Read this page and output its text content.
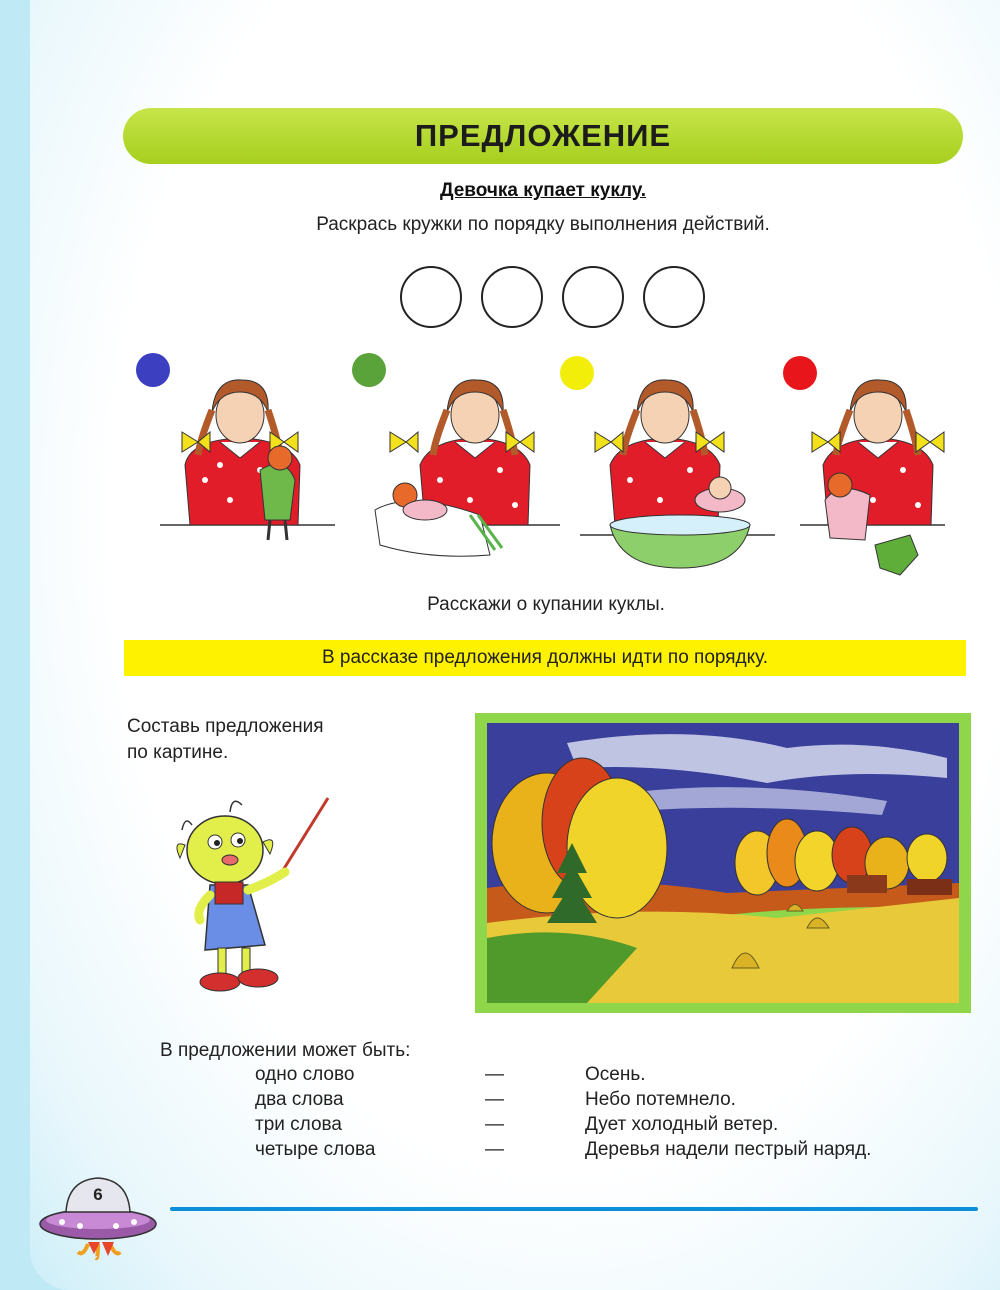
ПРЕДЛОЖЕНИЕ
Девочка купает куклу.
Раскрась кружки по порядку выполнения действий.
Расскажи о купании куклы.
В рассказе предложения должны идти по порядку.
Составь предложения
по картине.
В предложении может быть:
одно слово	—	Осень.
два слова	—	Небо потемнело.
три слова	—	Дует холодный ветер.
четыре слова	—	Деревья надели пестрый наряд.
6
